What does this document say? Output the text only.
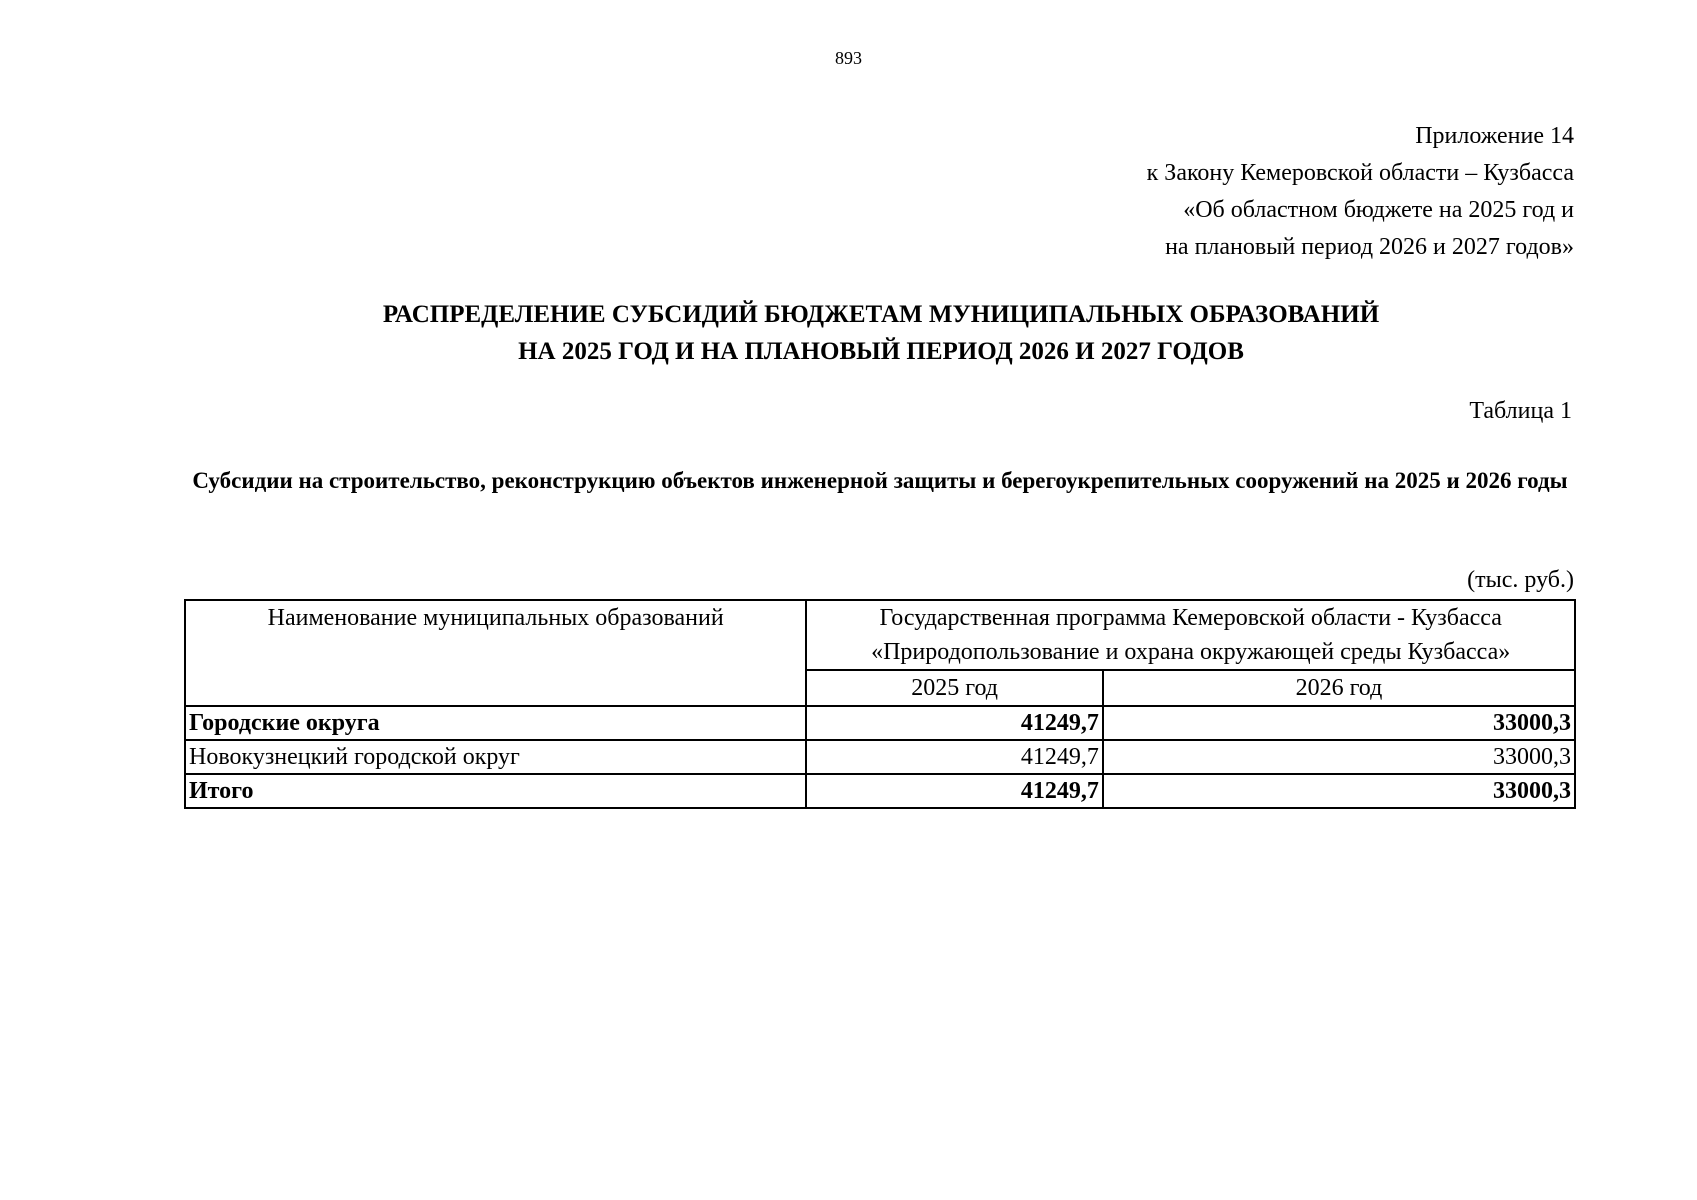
893
Приложение 14
к Закону Кемеровской области – Кузбасса
«Об областном бюджете на 2025 год и
на плановый период 2026 и 2027 годов»
РАСПРЕДЕЛЕНИЕ СУБСИДИЙ БЮДЖЕТАМ МУНИЦИПАЛЬНЫХ ОБРАЗОВАНИЙ
НА 2025 ГОД И НА ПЛАНОВЫЙ ПЕРИОД 2026 И 2027 ГОДОВ
Таблица 1
Субсидии на строительство, реконструкцию объектов инженерной защиты и берегоукрепительных сооружений на 2025 и 2026 годы
(тыс. руб.)
Наименование муниципальных образований	Государственная программа Кемеровской области - Кузбасса «Природопользование и охрана окружающей среды Кузбасса»	
	2025 год	2026 год
Городские округа	41249,7	33000,3
Новокузнецкий городской округ	41249,7	33000,3
Итого	41249,7	33000,3
